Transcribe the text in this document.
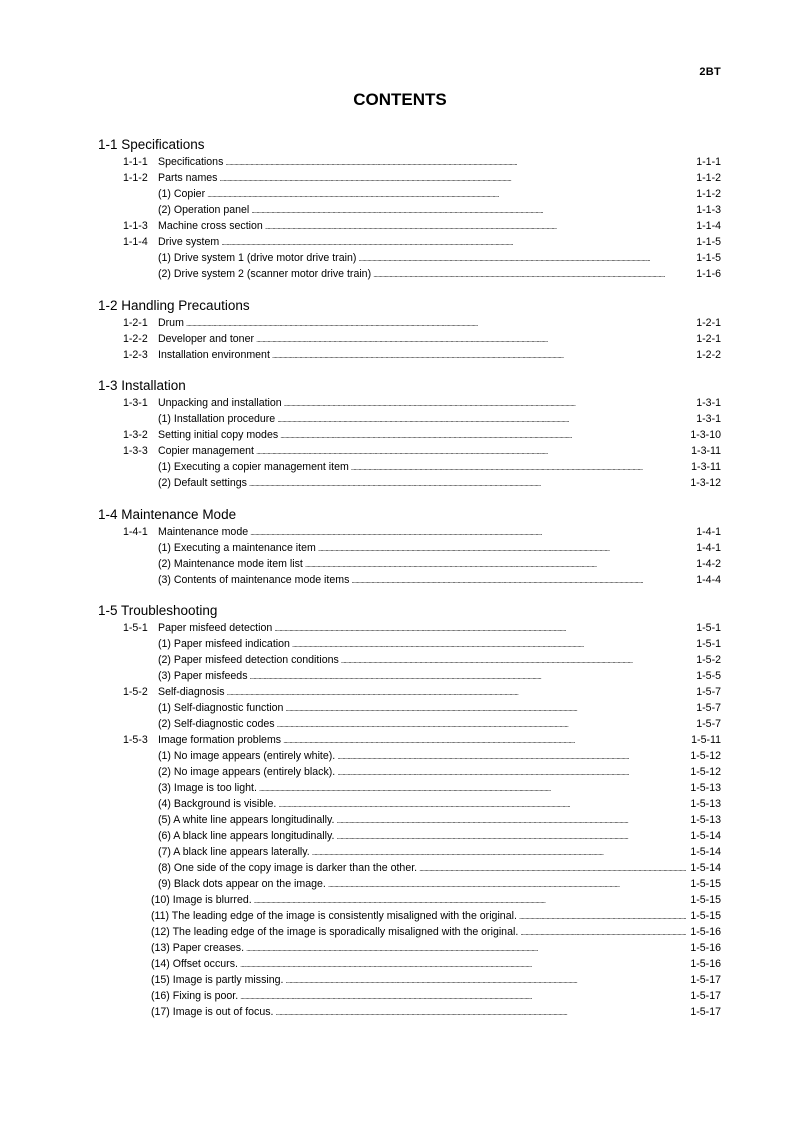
2BT
CONTENTS
1-1 Specifications
1-1-1 Specifications . . .	1-1-1
1-1-2 Parts names . . .	1-1-2
(1) Copier . . .	1-1-2
(2) Operation panel . . .	1-1-3
1-1-3 Machine cross section . . .	1-1-4
1-1-4 Drive system . . .	1-1-5
(1) Drive system 1 (drive motor drive train) . . .	1-1-5
(2) Drive system 2 (scanner motor drive train) . . .	1-1-6
1-2 Handling Precautions
1-2-1 Drum . . .	1-2-1
1-2-2 Developer and toner . . .	1-2-1
1-2-3 Installation environment . . .	1-2-2
1-3 Installation
1-3-1 Unpacking and installation . . .	1-3-1
(1) Installation procedure . . .	1-3-1
1-3-2 Setting initial copy modes . . .	1-3-10
1-3-3 Copier management . . .	1-3-11
(1) Executing a copier management item . . .	1-3-11
(2) Default settings . . .	1-3-12
1-4 Maintenance Mode
1-4-1 Maintenance mode . . .	1-4-1
(1) Executing a maintenance item . . .	1-4-1
(2) Maintenance mode item list . . .	1-4-2
(3) Contents of maintenance mode items . . .	1-4-4
1-5 Troubleshooting
1-5-1 Paper misfeed detection . . .	1-5-1
(1) Paper misfeed indication . . .	1-5-1
(2) Paper misfeed detection conditions . . .	1-5-2
(3) Paper misfeeds . . .	1-5-5
1-5-2 Self-diagnosis . . .	1-5-7
(1) Self-diagnostic function . . .	1-5-7
(2) Self-diagnostic codes . . .	1-5-7
1-5-3 Image formation problems . . .	1-5-11
(1) No image appears (entirely white). . . .	1-5-12
(2) No image appears (entirely black). . . .	1-5-12
(3) Image is too light. . . .	1-5-13
(4) Background is visible. . . .	1-5-13
(5) A white line appears longitudinally. . . .	1-5-13
(6) A black line appears longitudinally. . . .	1-5-14
(7) A black line appears laterally. . . .	1-5-14
(8) One side of the copy image is darker than the other. . . .	1-5-14
(9) Black dots appear on the image. . . .	1-5-15
(10) Image is blurred. . . .	1-5-15
(11) The leading edge of the image is consistently misaligned with the original. . . .	1-5-15
(12) The leading edge of the image is sporadically misaligned with the original. . . .	1-5-16
(13) Paper creases. . . .	1-5-16
(14) Offset occurs. . . .	1-5-16
(15) Image is partly missing. . . .	1-5-17
(16) Fixing is poor. . . .	1-5-17
(17) Image is out of focus. . . .	1-5-17
